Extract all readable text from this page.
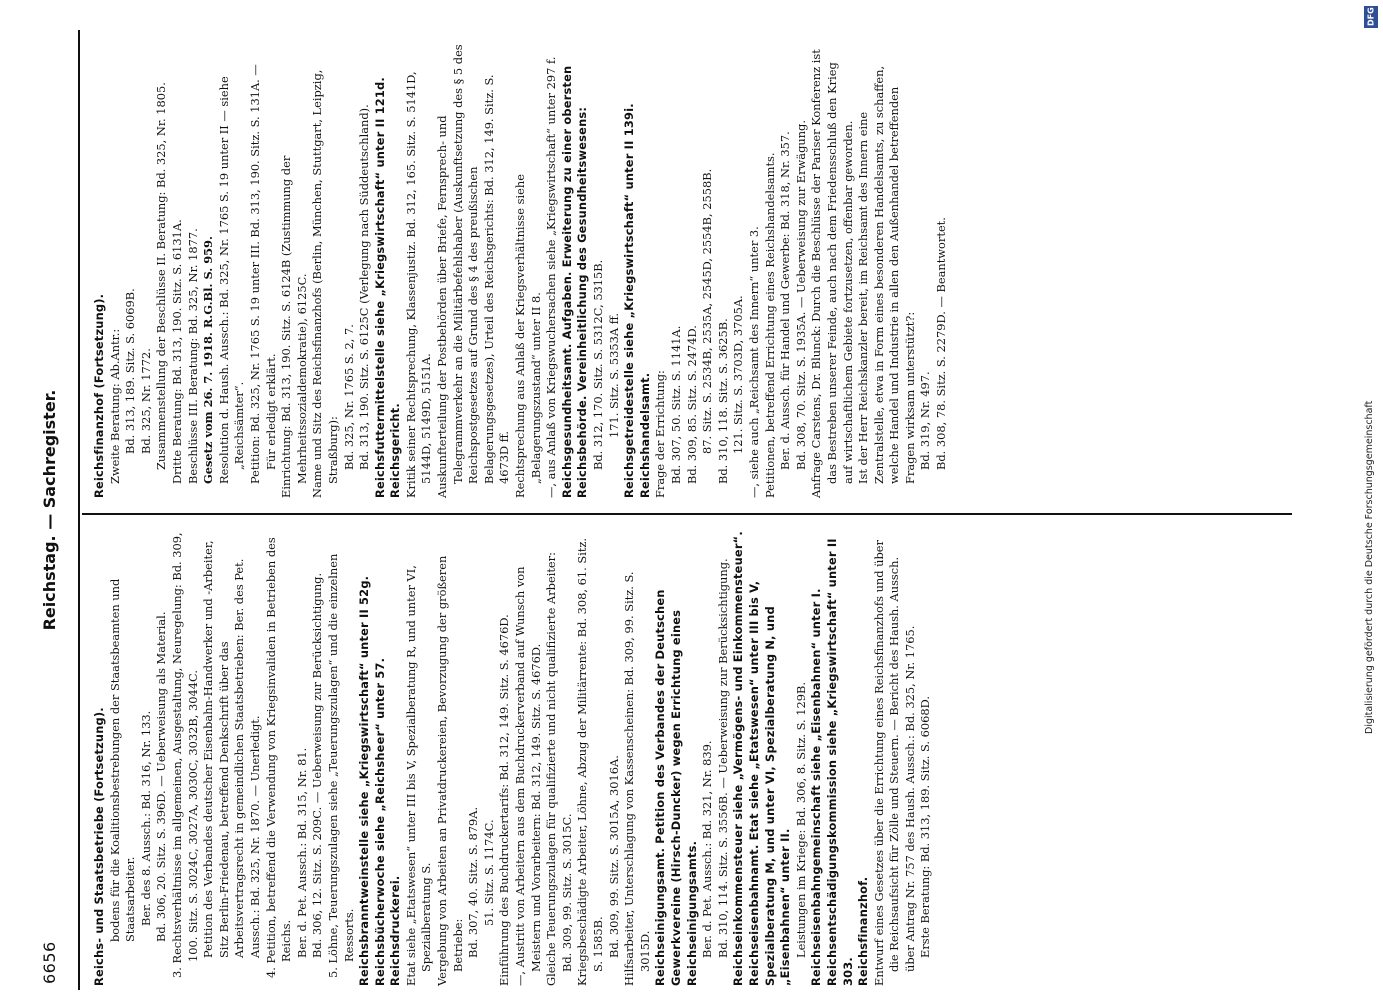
6656
Reichstag. — Sachregister.

Reichs- und Staatsbetriebe (Fortsetzung). bodens für die Koalitionsbestrebungen der Staatsbeamten und Staatsarbeiter. Ber. des 8. Aussch.: Bd. 316, Nr. 133. Bd. 306, 20. Sitz. S. 396D. — Ueberweisung als Material. 3. Rechtsverhältnisse im allgemeinen, Ausgestaltung, Neuregelung: Bd. 309, 100. Sitz. S. 3024C, 3027A, 3030C, 3032B, 3044C. Petition des Verbandes deutscher Eisenbahn-Handwerker und -Arbeiter, Sitz Berlin-Friedenau, betreffend Denkschrift über das Arbeitsvertragsrecht in gemeindlichen Staatsbetrieben: Ber. des Pet. Aussch.: Bd. 325, Nr. 1870. — Unerledigt. 4. Petition, betreffend die Verwendung von Kriegsinvaliden in Betrieben des Reichs. Ber. d. Pet. Aussch.: Bd. 315, Nr. 81. Bd. 306, 12. Sitz. S. 209C. — Ueberweisung zur Berücksichtigung. 5. Löhne, Teuerungszulagen siehe „Teuerungszulagen“ und die einzelnen Ressorts. Reichsbranntweinstelle siehe „Kriegswirtschaft“ unter II 52g. Reichsbücherwoche siehe „Reichsheer“ unter 57. Reichsdruckerei. Etat siehe „Etatswesen“ unter III bis V, Spezialberatung R, und unter VI, Spezialberatung S. Vergebung von Arbeiten an Privatdruckereien, Bevorzugung der größeren Betriebe: Bd. 307, 40. Sitz. S. 879A. 51. Sitz. S. 1174C. Einführung des Buchdruckertarifs: Bd. 312, 149. Sitz. S. 4676D. —, Austritt von Arbeitern aus dem Buchdruckerverband auf Wunsch von Meistern und Vorarbeitern: Bd. 312, 149. Sitz. S. 4676D. Gleiche Teuerungszulagen für qualifizierte und nicht qualifizierte Arbeiter: Bd. 309, 99. Sitz. S. 3015C. Kriegsbeschädigte Arbeiter, Löhne, Abzug der Militärrente: Bd. 308, 61. Sitz. S. 1585B. Bd. 309, 99. Sitz. S. 3015A, 3016A. Hilfsarbeiter, Unterschlagung von Kassenscheinen: Bd. 309, 99. Sitz. S. 3015D. Reichseinigungsamt. Petition des Verbandes der Deutschen Gewerkvereine (Hirsch-Duncker) wegen Errichtung eines Reichseinigungsamts. Ber. d. Pet. Aussch.: Bd. 321, Nr. 839. Bd. 310, 114. Sitz. S. 3556B. — Ueberweisung zur Berücksichtigung. Reichseinkommensteuer siehe „Vermögens- und Einkommensteuer“. Reichseisenbahnamt. Etat siehe „Etatswesen“ unter III bis V, Spezialberatung M, und unter VI, Spezialberatung N, und „Eisenbahnen“ unter II. Leistungen im Kriege: Bd. 306, 8. Sitz. S. 129B. Reichseisenbahngemeinschaft siehe „Eisenbahnen“ unter I. Reichsentschädigungskommission siehe „Kriegswirtschaft“ unter II 303. Reichsfinanzhof. Entwurf eines Gesetzes über die Errichtung eines Reichsfinanzhofs und über die Reichsaufsicht für Zölle und Steuern. — Bericht des Haush. Aussch. über Antrag Nr. 757 des Haush. Aussch.: Bd. 325, Nr. 1765. Erste Beratung: Bd. 313, 189. Sitz. S. 6068D.

Reichsfinanzhof (Fortsetzung). Zweite Beratung: Ab.Antr.: Bd. 313, 189. Sitz. S. 6069B. Bd. 325, Nr. 1772. Zusammenstellung der Beschlüsse II. Beratung: Bd. 325, Nr. 1805. Dritte Beratung: Bd. 313, 190. Sitz. S. 6131A. Beschlüsse III. Beratung: Bd. 325, Nr. 1877. Gesetz vom 26. 7. 1918. R.G.Bl. S. 959. Resolution d. Haush. Aussch.: Bd. 325, Nr. 1765 S. 19 unter II — siehe „Reichsämter“. Petition: Bd. 325, Nr. 1765 S. 19 unter III. Bd. 313, 190. Sitz. S. 131A. — Für erledigt erklärt. Einrichtung: Bd. 313, 190. Sitz. S. 6124B (Zustimmung der Mehrheitssozialdemokratie), 6125C. Name und Sitz des Reichsfinanzhofs (Berlin, München, Stuttgart, Leipzig, Straßburg): Bd. 325, Nr. 1765 S. 2, 7. Bd. 313, 190. Sitz. S. 6125C (Verlegung nach Süddeutschland). Reichsfuttermittelstelle siehe „Kriegswirtschaft“ unter II 121d. Reichsgericht. Kritik seiner Rechtsprechung, Klassenjustiz. Bd. 312, 165. Sitz. S. 5141D, 5144D, 5149D, 5151A. Auskunfterteilung der Postbehörden über Briefe, Fernsprech- und Telegrammverkehr an die Militärbefehlshaber (Auskunftsetzung des § 5 des Reichspostgesetzes auf Grund des § 4 des preußischen Belagerungsgesetzes), Urteil des Reichsgerichts: Bd. 312, 149. Sitz. S. 4673D ff. Rechtsprechung aus Anlaß der Kriegsverhältnisse siehe „Belagerungszustand“ unter II 8. —, aus Anlaß von Kriegswuchersachen siehe „Kriegswirtschaft“ unter 297 f. Reichsgesundheitsamt. Aufgaben. Erweiterung zu einer obersten Reichsbehörde. Vereinheitlichung des Gesundheitswesens: Bd. 312, 170. Sitz. S. 5312C, 5315B. 171. Sitz. S. 5353A ff. Reichsgetreidestelle siehe „Kriegswirtschaft“ unter II 139i. Reichshandelsamt. Frage der Errichtung: Bd. 307, 50. Sitz. S. 1141A. Bd. 309, 85. Sitz. S. 2474D. 87. Sitz. S. 2534B, 2535A, 2545D, 2554B, 2558B. Bd. 310, 118. Sitz. S. 3625B. 121. Sitz. S. 3703D, 3705A. —, siehe auch „Reichsamt des Innern“ unter 3. Petitionen, betreffend Errichtung eines Reichshandelsamts. Ber. d. Aussch. für Handel und Gewerbe: Bd. 318, Nr. 357. Bd. 308, 70. Sitz. S. 1935A. — Ueberweisung zur Erwägung. Anfrage Carstens, Dr. Blunck: Durch die Beschlüsse der Pariser Konferenz ist das Bestreben unserer Feinde, auch nach dem Friedensschluß den Krieg auf wirtschaftlichem Gebiete fortzusetzen, offenbar geworden. Ist der Herr Reichskanzler bereit, im Reichsamt des Innern eine Zentralstelle, etwa in Form eines besonderen Handelsamts, zu schaffen, welche Handel und Industrie in allen den Außenhandel betreffenden Fragen wirksam unterstützt?: Bd. 319, Nr. 497. Bd. 308, 78. Sitz. S. 2279D. — Beantwortet.

DFG
Digitalisierung gefördert durch die Deutsche Forschungsgemeinschaft
